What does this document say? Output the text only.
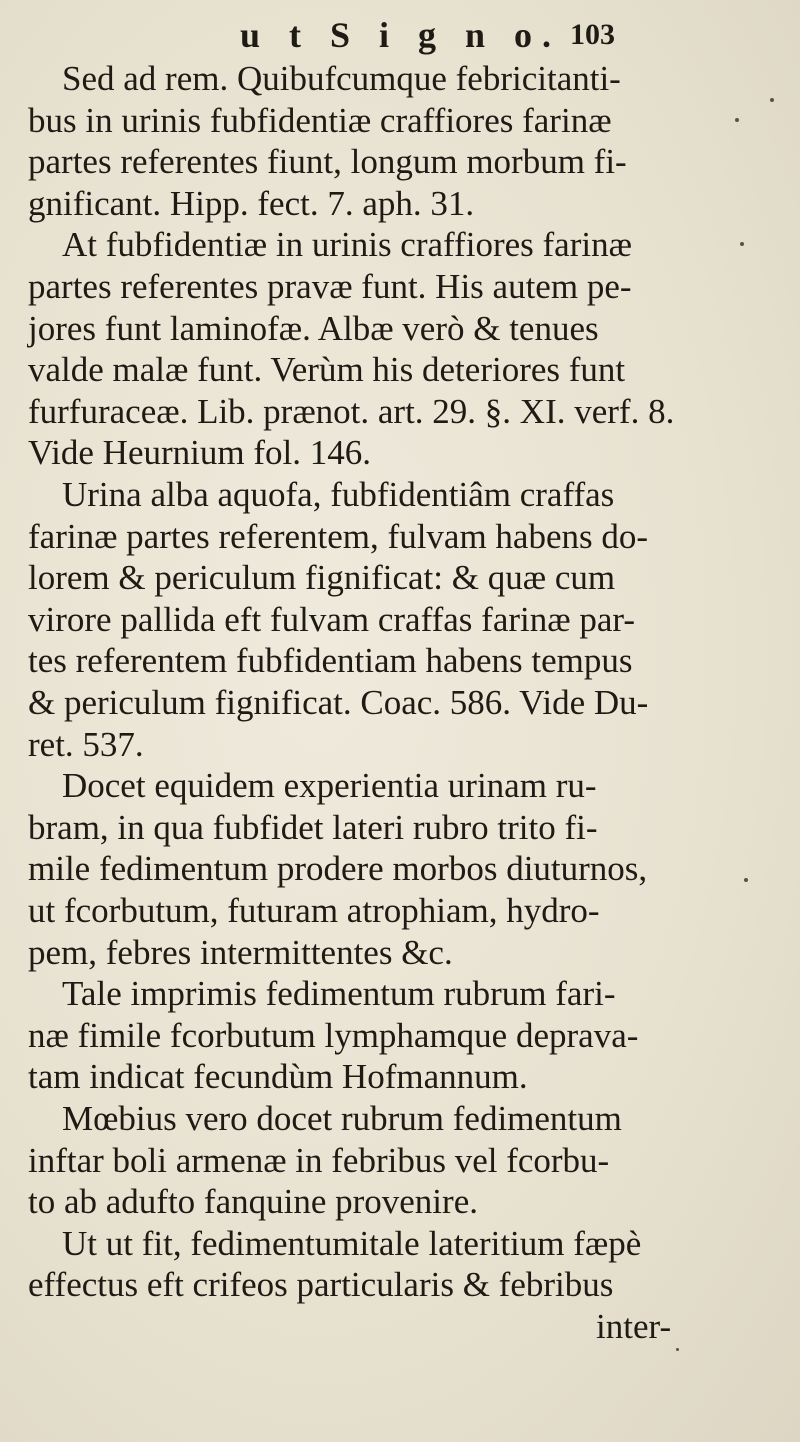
u t S i g n o. 103
Sed ad rem. Quibufcumque febricitanti-
bus in urinis fubfidentiæ craffiores farinæ
partes referentes fiunt, longum morbum fi-
gnificant. Hipp. fect. 7. aph. 31.
At fubfidentiæ in urinis craffiores farinæ
partes referentes pravæ funt. His autem pe-
jores funt laminofæ. Albæ verò & tenues
valde malæ funt. Verùm his deteriores funt
furfuraceæ. Lib. prænot. art. 29. §. XI. verf. 8.
Vide Heurnium fol. 146.
Urina alba aquofa, fubfidentiâm craffas
farinæ partes referentem, fulvam habens do-
lorem & periculum fignificat: & quæ cum
virore pallida eft fulvam craffas farinæ par-
tes referentem fubfidentiam habens tempus
& periculum fignificat. Coac. 586. Vide Du-
ret. 537.
Docet equidem experientia urinam ru-
bram, in qua fubfidet lateri rubro trito fi-
mile fedimentum prodere morbos diuturnos,
ut fcorbutum, futuram atrophiam, hydro-
pem, febres intermittentes &c.
Tale imprimis fedimentum rubrum fari-
næ fimile fcorbutum lymphamque deprava-
tam indicat fecundùm Hofmannum.
Mœbius vero docet rubrum fedimentum
inftar boli armenæ in febribus vel fcorbu-
to ab adufto fanquine provenire.
Ut ut fit, fedimentumitale lateritium fæpè
effectus eft crifeos particularis & febribus
inter-
